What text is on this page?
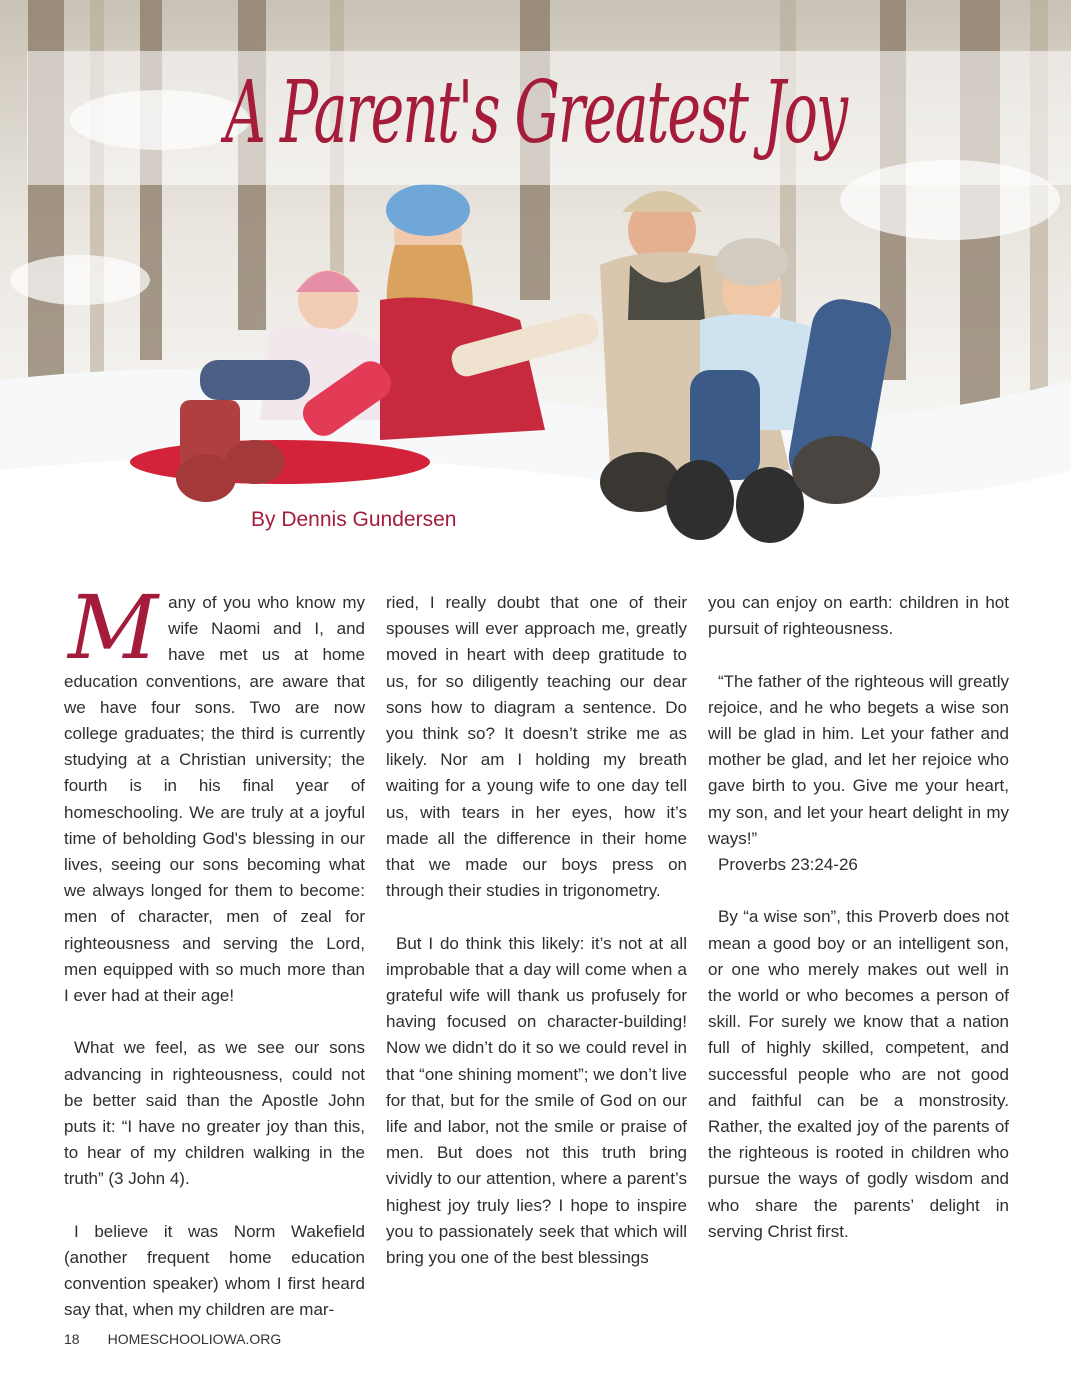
A Parent's Greatest Joy
By Dennis Gundersen

Many of you who know my wife Naomi and I, and have met us at home education conventions, are aware that we have four sons. Two are now college graduates; the third is currently studying at a Christian university; the fourth is in his final year of homeschooling. We are truly at a joyful time of beholding God's blessing in our lives, seeing our sons becoming what we always longed for them to become: men of character, men of zeal for righteousness and serving the Lord, men equipped with so much more than I ever had at their age!

What we feel, as we see our sons advancing in righteousness, could not be better said than the Apostle John puts it: “I have no greater joy than this, to hear of my children walking in the truth” (3 John 4).

I believe it was Norm Wakefield (another frequent home education convention speaker) whom I first heard say that, when my children are mar-

ried, I really doubt that one of their spouses will ever approach me, greatly moved in heart with deep gratitude to us, for so diligently teaching our dear sons how to diagram a sentence. Do you think so? It doesn’t strike me as likely. Nor am I holding my breath waiting for a young wife to one day tell us, with tears in her eyes, how it’s made all the difference in their home that we made our boys press on through their studies in trigonometry.

But I do think this likely: it’s not at all improbable that a day will come when a grateful wife will thank us profusely for having focused on character-building! Now we didn’t do it so we could revel in that “one shining moment”; we don’t live for that, but for the smile of God on our life and labor, not the smile or praise of men. But does not this truth bring vividly to our attention, where a parent’s highest joy truly lies? I hope to inspire you to passionately seek that which will bring you one of the best blessings

you can enjoy on earth: children in hot pursuit of righteousness.

“The father of the righteous will greatly rejoice, and he who begets a wise son will be glad in him. Let your father and mother be glad, and let her rejoice who gave birth to you. Give me your heart, my son, and let your heart delight in my ways!”
Proverbs 23:24-26

By “a wise son”, this Proverb does not mean a good boy or an intelligent son, or one who merely makes out well in the world or who becomes a person of skill. For surely we know that a nation full of highly skilled, competent, and successful people who are not good and faithful can be a monstrosity. Rather, the exalted joy of the parents of the righteous is rooted in children who pursue the ways of godly wisdom and who share the parents’ delight in serving Christ first.

18 HOMESCHOOLIOWA.ORG
